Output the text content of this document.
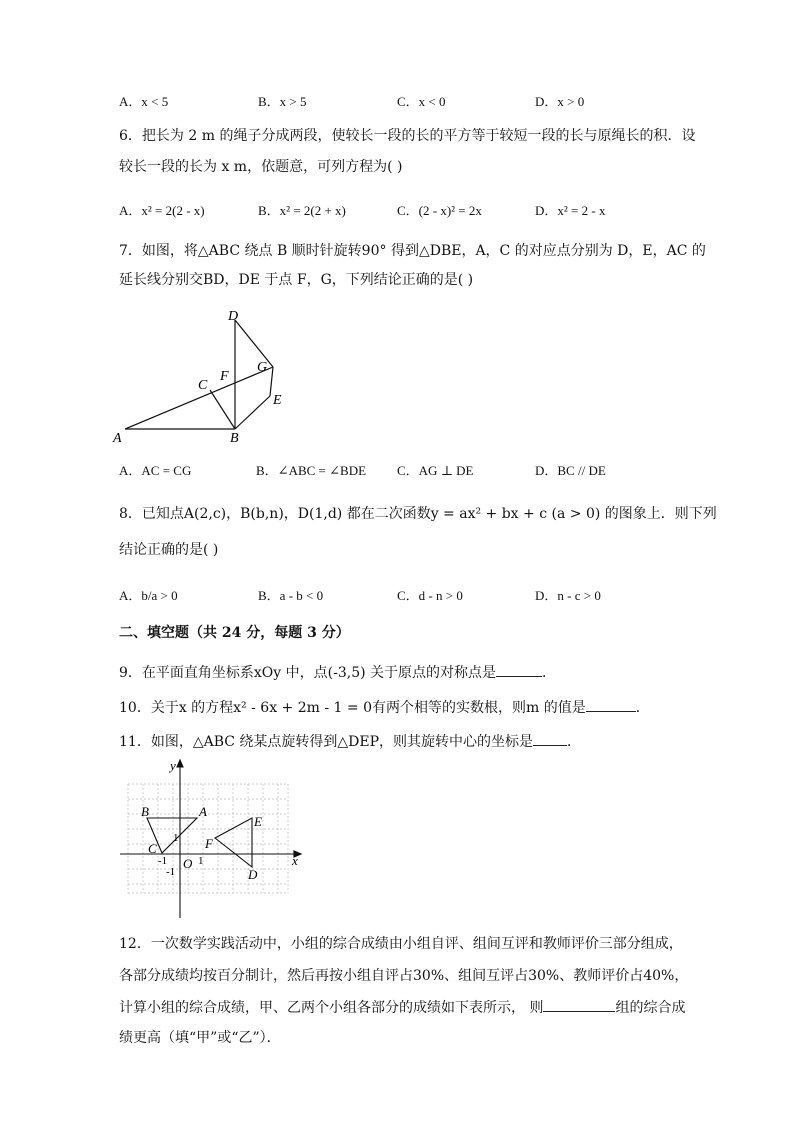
A．x < 5	B．x > 5	C．x < 0	D．x > 0
6．把长为 2 m 的绳子分成两段，使较长一段的长的平方等于较短一段的长与原绳长的积．设
较长一段的长为 x m，依题意，可列方程为( )
A．x² = 2(2 - x)	B．x² = 2(2 + x)	C．(2 - x)² = 2x	D．x² = 2 - x
7．如图，将△ABC 绕点 B 顺时针旋转90° 得到△DBE，A，C 的对应点分别为 D，E，AC 的
延长线分别交BD，DE 于点 F，G，下列结论正确的是( )
A	B
C
D
E
F
G
A．AC = CG	B．∠ABC = ∠BDE C．AG ⊥ DE	D．BC // DE
8．已知点A(2,c)，B(b,n)，D(1,d) 都在二次函数y = ax² + bx + c (a > 0) 的图象上．则下列
结论正确的是( )
A．b/a > 0	B．a - b < 0	C．d - n > 0	D．n - c > 0
二、填空题（共 24 分，每题 3 分）
9．在平面直角坐标系xOy 中，点(-3,5) 关于原点的对称点是	．
10．关于x 的方程x² - 6x + 2m - 1 = 0有两个相等的实数根，则m 的值是	．
11．如图，△ABC 绕某点旋转得到△DEP，则其旋转中心的坐标是 ．
y
x
O 1
1
-1
-1
A
B
C
D
E
F
12．一次数学实践活动中，小组的综合成绩由小组自评、组间互评和教师评价三部分组成，
各部分成绩均按百分制计，然后再按小组自评占30%、组间互评占30%、教师评价占40%，
计算小组的综合成绩，甲、乙两个小组各部分的成绩如下表所示， 则	组的综合成
绩更高（填“甲”或“乙”）．
